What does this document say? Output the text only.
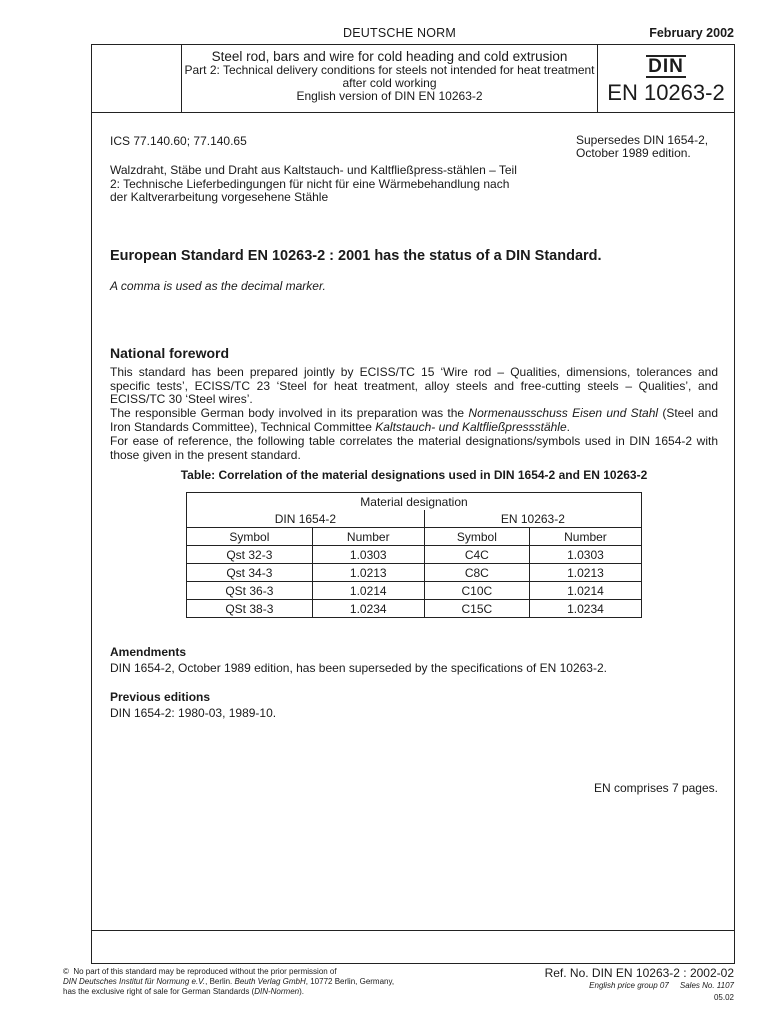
DEUTSCHE NORM	February 2002
Steel rod, bars and wire for cold heading and cold extrusion
Part 2: Technical delivery conditions for steels not intended for heat treatment after cold working
English version of DIN EN 10263-2
DIN
EN 10263-2
ICS 77.140.60; 77.140.65	Supersedes DIN 1654-2,
October 1989 edition.
Walzdraht, Stäbe und Draht aus Kaltstauch- und Kaltfließpress-stählen – Teil 2: Technische Lieferbedingungen für nicht für eine Wärmebehandlung nach der Kaltverarbeitung vorgesehene Stähle
European Standard EN 10263-2 : 2001 has the status of a DIN Standard.
A comma is used as the decimal marker.
National foreword
This standard has been prepared jointly by ECISS/TC 15 ‘Wire rod – Qualities, dimensions, tolerances and specific tests’, ECISS/TC 23 ‘Steel for heat treatment, alloy steels and free-cutting steels – Qualities’, and ECISS/TC 30 ‘Steel wires’.
The responsible German body involved in its preparation was the Normenausschuss Eisen und Stahl (Steel and Iron Standards Committee), Technical Committee Kaltstauch- und Kaltfließpressstähle.
For ease of reference, the following table correlates the material designations/symbols used in DIN 1654-2 with those given in the present standard.
Table: Correlation of the material designations used in DIN 1654-2 and EN 10263-2
Material designation			
DIN 1654-2		EN 10263-2	
Symbol	Number	Symbol	Number
Qst 32-3	1.0303	C4C	1.0303
Qst 34-3	1.0213	C8C	1.0213
QSt 36-3	1.0214	C10C	1.0214
QSt 38-3	1.0234	C15C	1.0234
Amendments
DIN 1654-2, October 1989 edition, has been superseded by the specifications of EN 10263-2.
Previous editions
DIN 1654-2: 1980-03, 1989-10.
EN comprises 7 pages.
© No part of this standard may be reproduced without the prior permission of
DIN Deutsches Institut für Normung e.V., Berlin. Beuth Verlag GmbH, 10772 Berlin, Germany,
has the exclusive right of sale for German Standards (DIN-Normen).
Ref. No. DIN EN 10263-2 : 2002-02
English price group 07     Sales No. 1107
05.02
